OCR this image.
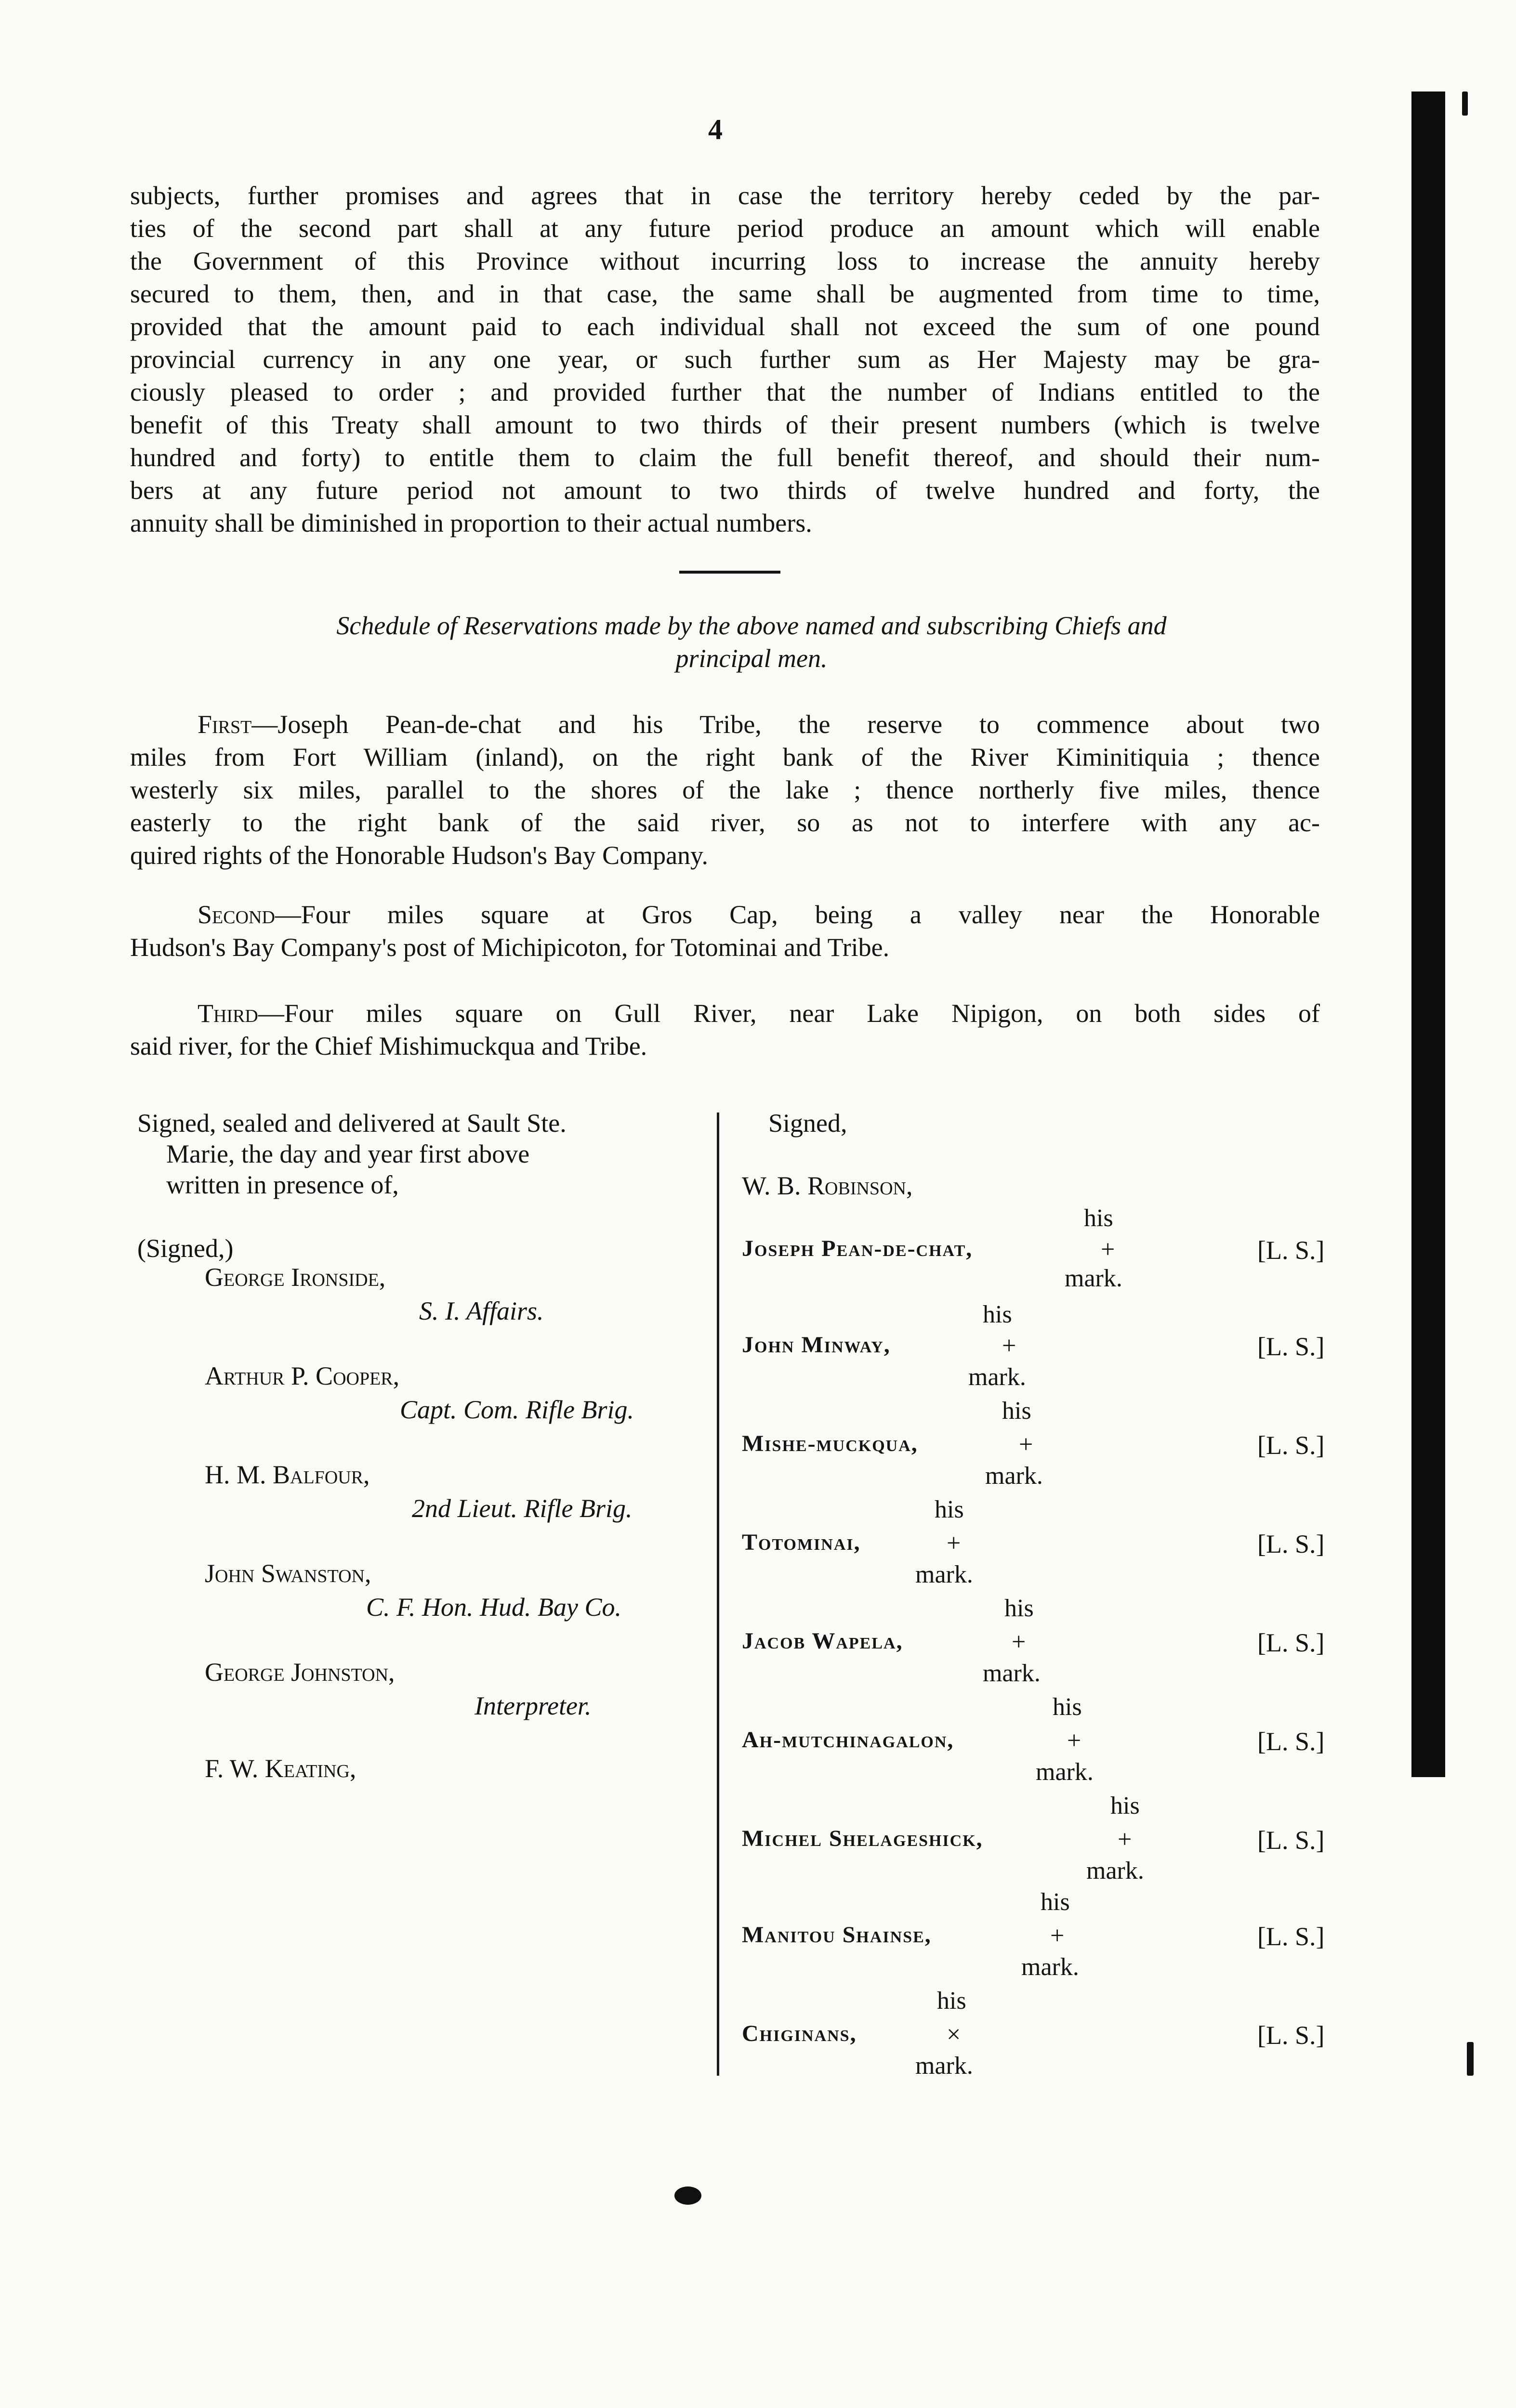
4

subjects, further promises and agrees that in case the territory hereby ceded by the par-
ties of the second part shall at any future period produce an amount which will enable
the Government of this Province without incurring loss to increase the annuity hereby
secured to them, then, and in that case, the same shall be augmented from time to time,
provided that the amount paid to each individual shall not exceed the sum of one pound
provincial currency in any one year, or such further sum as Her Majesty may be gra-
ciously pleased to order ; and provided further that the number of Indians entitled to the
benefit of this Treaty shall amount to two thirds of their present numbers (which is twelve
hundred and forty) to entitle them to claim the full benefit thereof, and should their num-
bers at any future period not amount to two thirds of twelve hundred and forty, the
annuity shall be diminished in proportion to their actual numbers.

Schedule of Reservations made by the above named and subscribing Chiefs and
principal men.
First—Joseph Pean-de-chat and his Tribe, the reserve to commence about two
miles from Fort William (inland), on the right bank of the River Kiminitiquia ; thence
westerly six miles, parallel to the shores of the lake ; thence northerly five miles, thence
easterly to the right bank of the said river, so as not to interfere with any ac-
quired rights of the Honorable Hudson's Bay Company.
Second—Four miles square at Gros Cap, being a valley near the Honorable
Hudson's Bay Company's post of Michipicoton, for Totominai and Tribe.
Third—Four miles square on Gull River, near Lake Nipigon, on both sides of
said river, for the Chief Mishimuckqua and Tribe.
Signed, sealed and delivered at Sault Ste.
Marie, the day and year first above
written in presence of,
(Signed,)
George Ironside,
S. I. Affairs.
Arthur P. Cooper,
Capt. Com. Rifle Brig.
H. M. Balfour,
2nd Lieut. Rifle Brig.
John Swanston,
C. F. Hon. Hud. Bay Co.
George Johnston,
Interpreter.
F. W. Keating,
Signed,
W. B. Robinson,
his
Joseph Pean-de-chat,	+
mark.
[L. S.]
his
John Minway,	+
mark.
[L. S.]
his
Mishe-muckqua,	+
mark.
[L. S.]
his
Totominai,	+
mark.
[L. S.]
his
Jacob Wapela,	+
mark.
[L. S.]
his
Ah-mutchinagalon,	+
mark.
[L. S.]
his
Michel Shelageshick,	+
mark.
[L. S.]
his
Manitou Shainse,	+
mark.
[L. S.]
his
Chiginans,	×
mark.
[L. S.]
